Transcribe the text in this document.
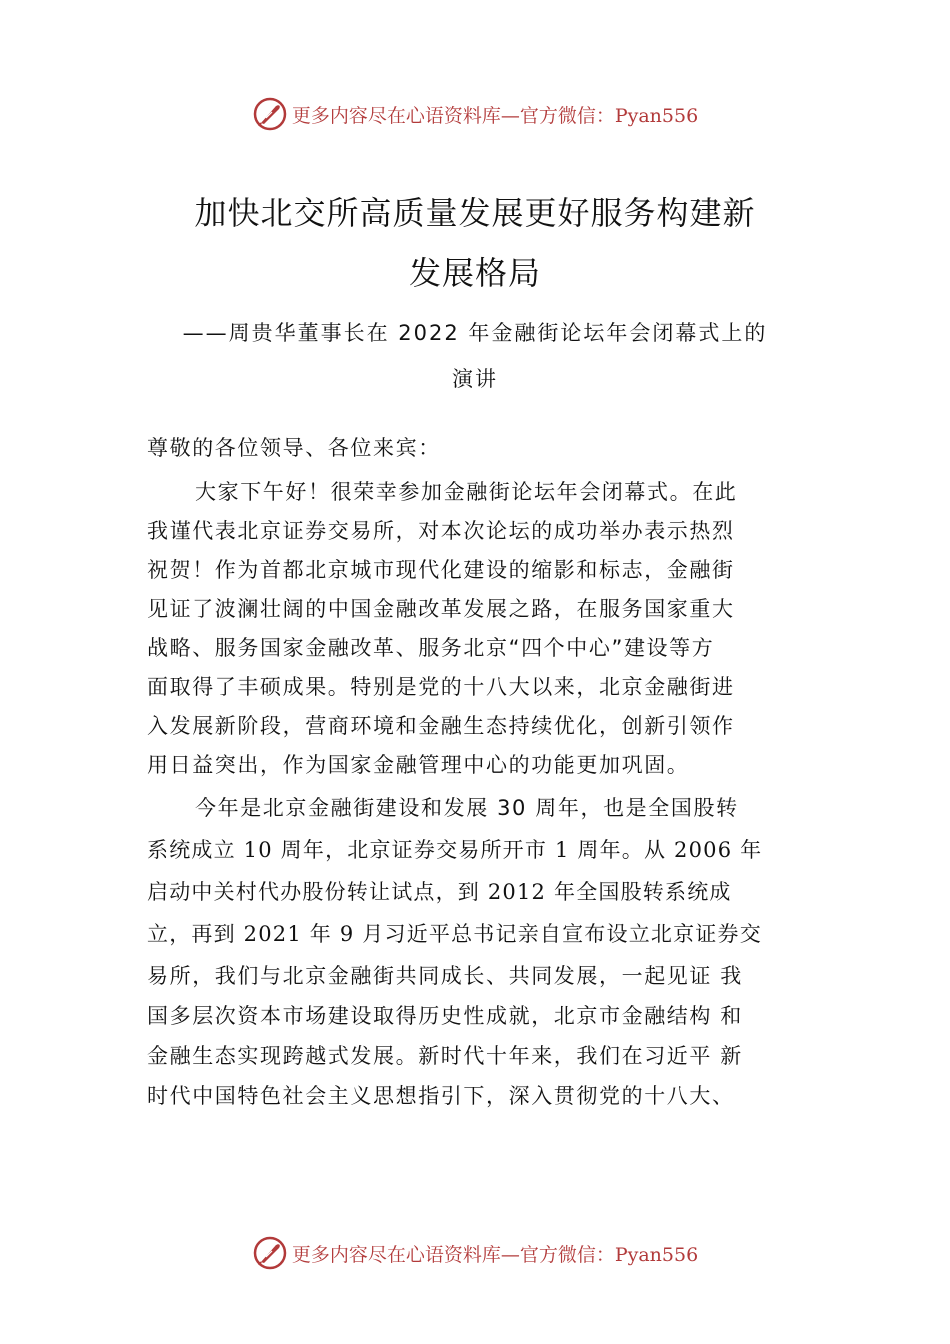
更多内容尽在心语资料库—官方微信：Pyan556
加快北交所高质量发展更好服务构建新
发展格局
——周贵华董事长在 2022 年金融街论坛年会闭幕式上的
演讲
尊敬的各位领导、各位来宾：
大家下午好！很荣幸参加金融街论坛年会闭幕式。在此
我谨代表北京证券交易所，对本次论坛的成功举办表示热烈
祝贺！作为首都北京城市现代化建设的缩影和标志，金融街
见证了波澜壮阔的中国金融改革发展之路，在服务国家重大
战略、服务国家金融改革、服务北京“四个中心”建设等方
面取得了丰硕成果。特别是党的十八大以来，北京金融街进
入发展新阶段，营商环境和金融生态持续优化，创新引领作
用日益突出，作为国家金融管理中心的功能更加巩固。
今年是北京金融街建设和发展 30 周年，也是全国股转
系统成立 10 周年，北京证券交易所开市 1 周年。从 2006 年
启动中关村代办股份转让试点，到 2012 年全国股转系统成
立，再到 2021 年 9 月习近平总书记亲自宣布设立北京证券交
易所，我们与北京金融街共同成长、共同发展，一起见证 我
国多层次资本市场建设取得历史性成就，北京市金融结构 和
金融生态实现跨越式发展。新时代十年来，我们在习近平 新
时代中国特色社会主义思想指引下，深入贯彻党的十八大、
更多内容尽在心语资料库—官方微信：Pyan556
